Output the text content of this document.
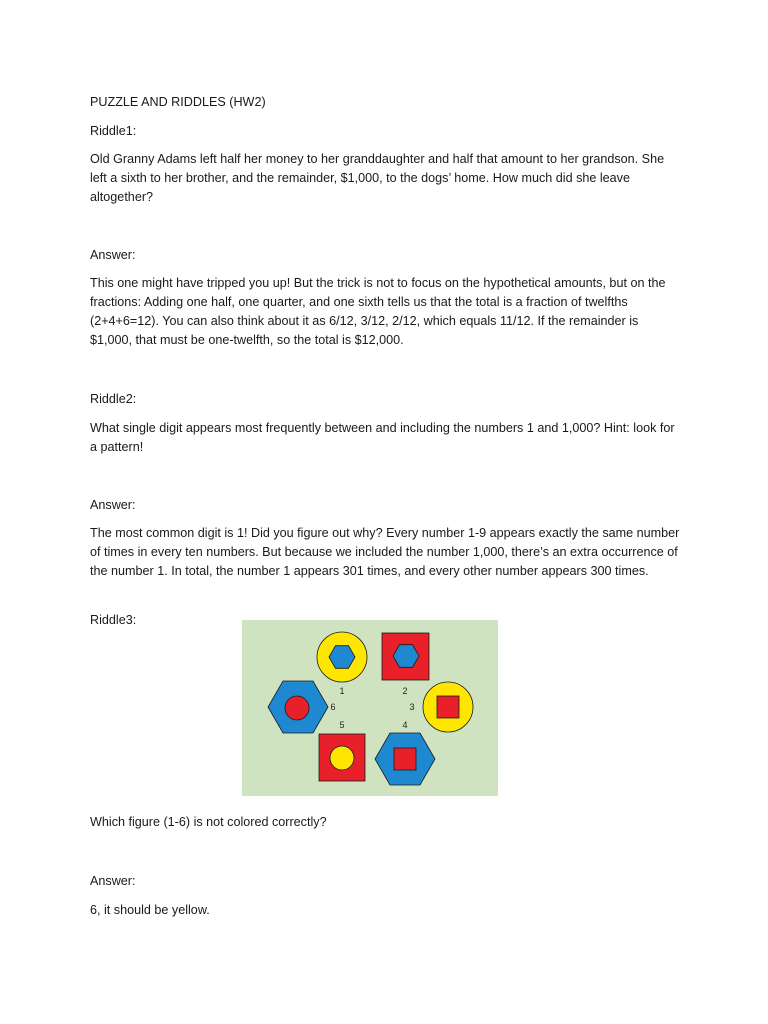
PUZZLE AND RIDDLES (HW2)

Riddle1:

Old Granny Adams left half her money to her granddaughter and half that amount to her grandson. She left a sixth to her brother, and the remainder, $1,000, to the dogs’ home. How much did she leave altogether?

Answer:

This one might have tripped you up! But the trick is not to focus on the hypothetical amounts, but on the fractions: Adding one half, one quarter, and one sixth tells us that the total is a fraction of twelfths (2+4+6=12). You can also think about it as 6/12, 3/12, 2/12, which equals 11/12. If the remainder is $1,000, that must be one-twelfth, so the total is $12,000.

Riddle2:

What single digit appears most frequently between and including the numbers 1 and 1,000? Hint: look for a pattern!

Answer:

The most common digit is 1! Did you figure out why? Every number 1-9 appears exactly the same number of times in every ten numbers. But because we included the number 1,000, there’s an extra occurrence of the number 1. In total, the number 1 appears 301 times, and every other number appears 300 times.

Riddle3:

1	2
3
4
5
6

Which figure (1-6) is not colored correctly?

Answer:

6, it should be yellow.
